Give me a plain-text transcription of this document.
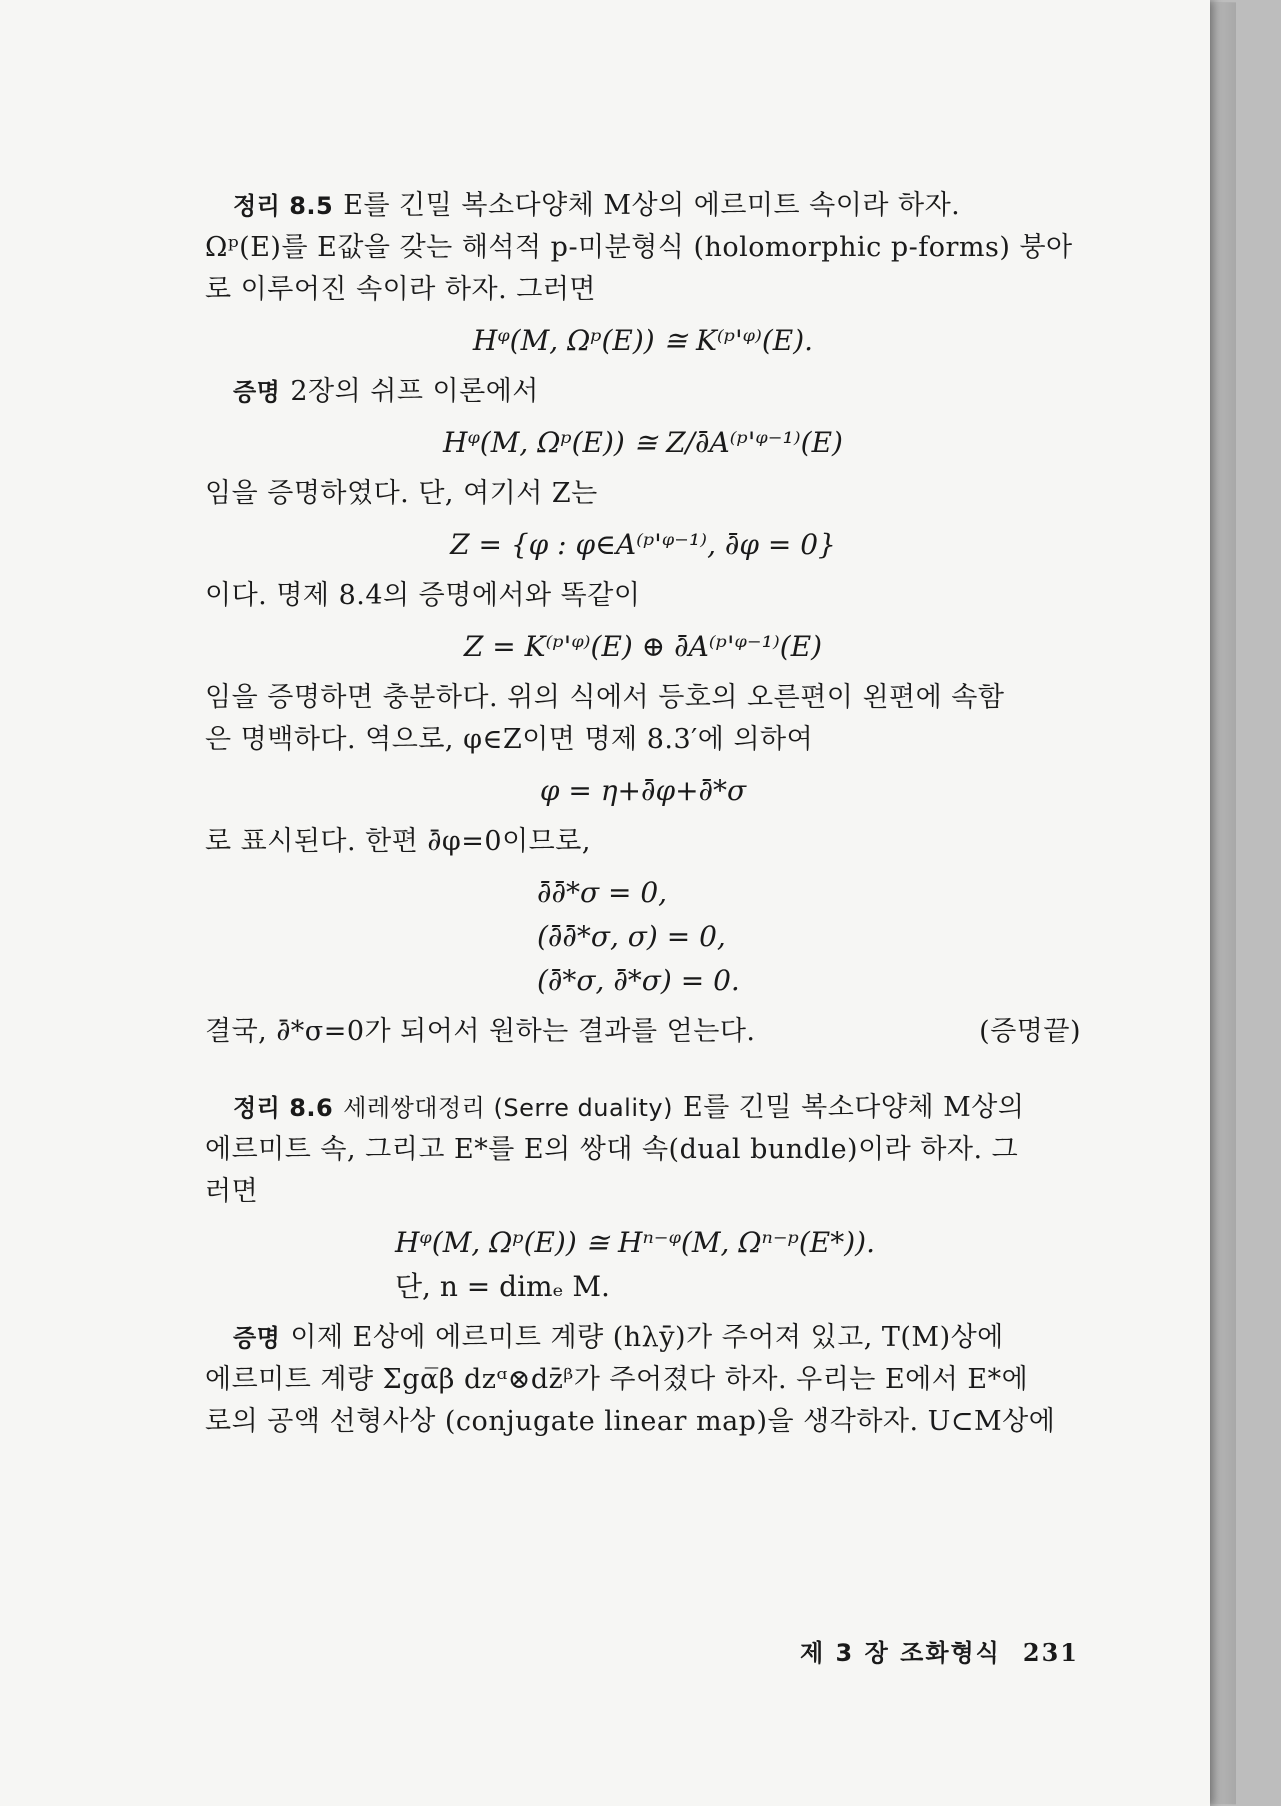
정리 8.5 E를 긴밀 복소다양체 M상의 에르미트 속이라 하자.

Ωᵖ(E)를 E값을 갖는 해석적 p-미분형식 (holomorphic p-forms) 붕아

로 이루어진 속이라 하자. 그러면

Hᵠ(M, Ωᵖ(E)) ≅ K⁽ᵖ'ᵠ⁾(E).

증명 2장의 쉬프 이론에서

Hᵠ(M, Ωᵖ(E)) ≅ Z/∂̄A⁽ᵖ'ᵠ⁻¹⁾(E)

임을 증명하였다. 단, 여기서 Z는

Z = {φ : φ∈A⁽ᵖ'ᵠ⁻¹⁾, ∂̄φ = 0}

이다. 명제 8.4의 증명에서와 똑같이

Z = K⁽ᵖ'ᵠ⁾(E) ⊕ ∂̄A⁽ᵖ'ᵠ⁻¹⁾(E)

임을 증명하면 충분하다. 위의 식에서 등호의 오른편이 왼편에 속함

은 명백하다. 역으로, φ∈Z이면 명제 8.3′에 의하여

φ = η+∂̄φ+∂̄*σ

로 표시된다. 한편 ∂̄φ=0이므로,

∂̄∂̄*σ = 0,
(∂̄∂̄*σ, σ) = 0,
(∂̄*σ, ∂̄*σ) = 0.

결국, ∂̄*σ=0가 되어서 원하는 결과를 얻는다.	(증명끝)

정리 8.6 세레쌍대정리 (Serre duality) E를 긴밀 복소다양체 M상의

에르미트 속, 그리고 E*를 E의 쌍대 속(dual bundle)이라 하자. 그

러면

Hᵠ(M, Ωᵖ(E)) ≅ Hⁿ⁻ᵠ(M, Ωⁿ⁻ᵖ(E*)).
단, n = dimₑ M.

증명 이제 E상에 에르미트 계량 (hλȳ)가 주어져 있고, T(M)상에

에르미트 계량 Σgα̅β dzᵅ⊗dz̄ᵝ가 주어졌다 하자. 우리는 E에서 E*에

로의 공액 선형사상 (conjugate linear map)을 생각하자. U⊂M상에

제 3 장 조화형식 231
